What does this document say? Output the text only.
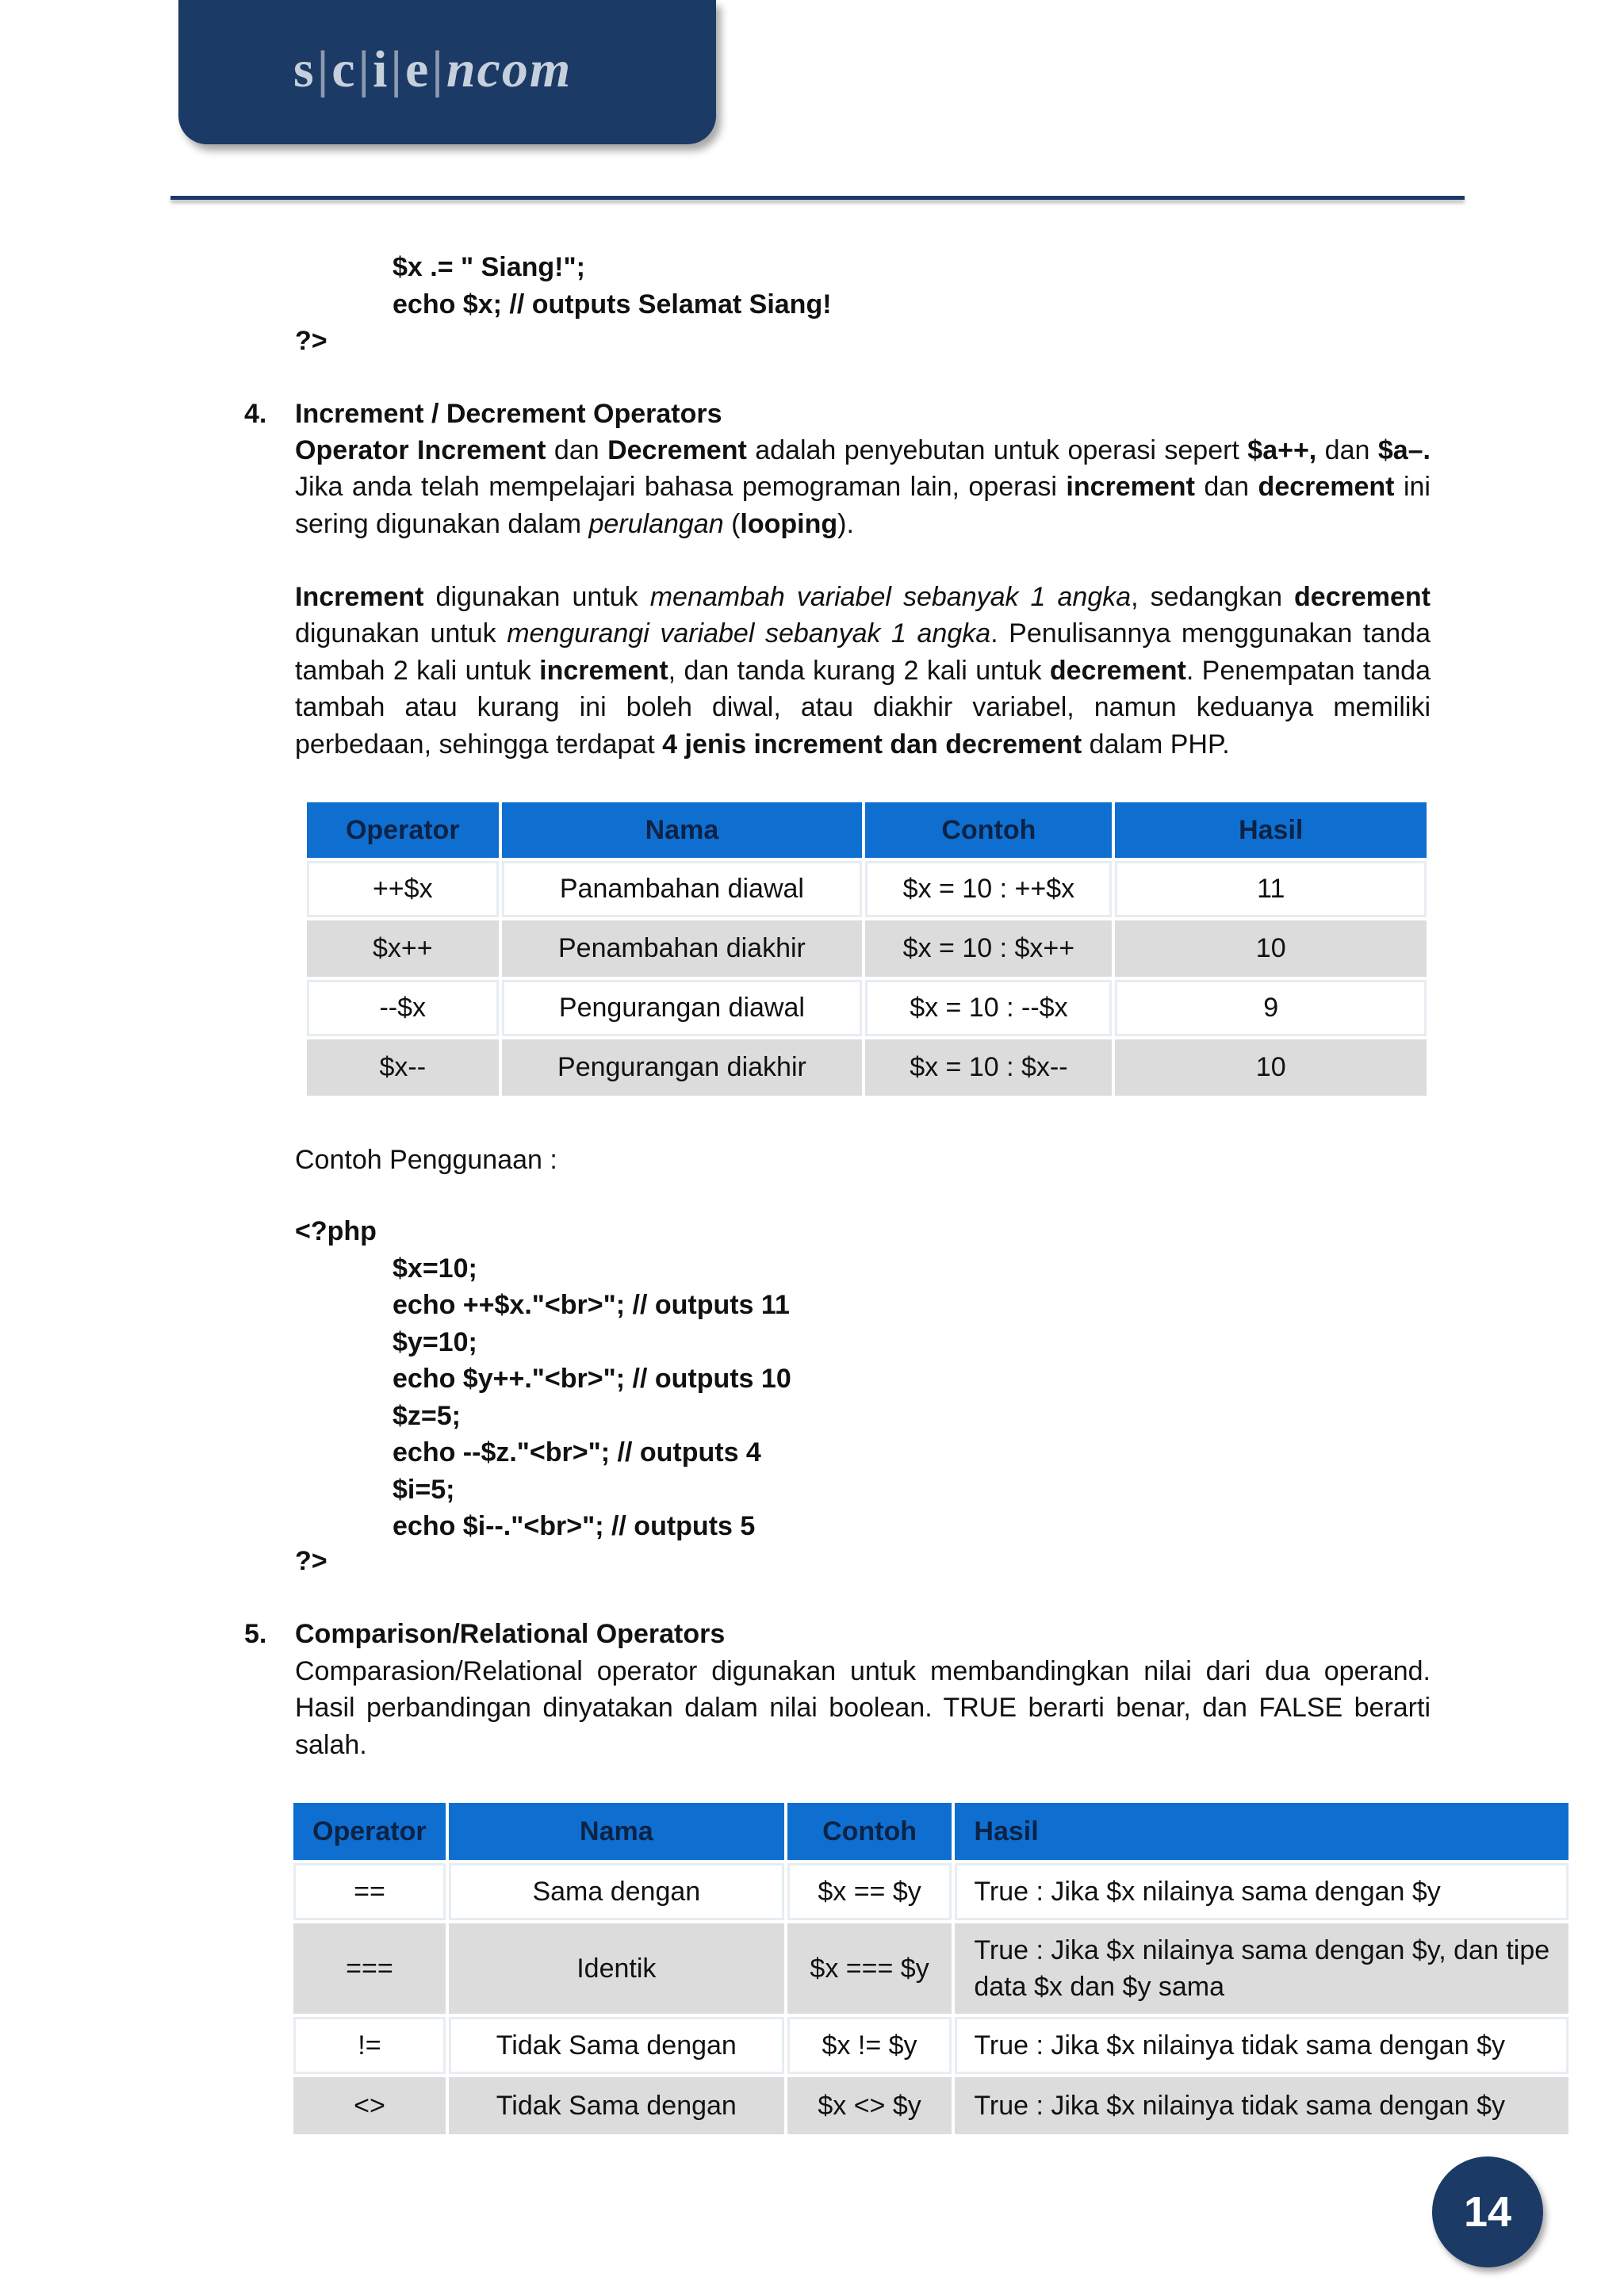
s|c|i|e|ncom

$x .= " Siang!";

echo $x; // outputs Selamat Siang!

?>

4. Increment / Decrement Operators

Operator Increment dan Decrement adalah penyebutan untuk operasi sepert $a++, dan $a–. Jika anda telah mempelajari bahasa pemograman lain, operasi increment dan decrement ini sering digunakan dalam perulangan (looping).

Increment digunakan untuk menambah variabel sebanyak 1 angka, sedangkan decrement digunakan untuk mengurangi variabel sebanyak 1 angka. Penulisannya menggunakan tanda tambah 2 kali untuk increment, dan tanda kurang 2 kali untuk decrement. Penempatan tanda tambah atau kurang ini boleh diwal, atau diakhir variabel, namun keduanya memiliki perbedaan, sehingga terdapat 4 jenis increment dan decrement dalam PHP.

Operator	Nama	Contoh	Hasil
++$x	Panambahan diawal	$x = 10 : ++$x	11
$x++	Penambahan diakhir	$x = 10 : $x++	10
--$x	Pengurangan diawal	$x = 10 : --$x	9
$x--	Pengurangan diakhir	$x = 10 : $x--	10

Contoh Penggunaan :

<?php

$x=10;

echo ++$x."<br>"; // outputs 11

$y=10;

echo $y++."<br>"; // outputs 10

$z=5;

echo --$z."<br>"; // outputs 4

$i=5;

echo $i--."<br>"; // outputs 5

?>

5. Comparison/Relational Operators

Comparasion/Relational operator digunakan untuk membandingkan nilai dari dua operand. Hasil perbandingan dinyatakan dalam nilai boolean. TRUE berarti benar, dan FALSE berarti salah.

Operator	Nama	Contoh	Hasil
==	Sama dengan	$x == $y	True : Jika $x nilainya sama dengan $y
===	Identik	$x === $y	True : Jika $x nilainya sama dengan $y, dan tipe data $x dan $y sama
!=	Tidak Sama dengan	$x != $y	True : Jika $x nilainya tidak sama dengan $y
<>	Tidak Sama dengan	$x <> $y	True : Jika $x nilainya tidak sama dengan $y
14
